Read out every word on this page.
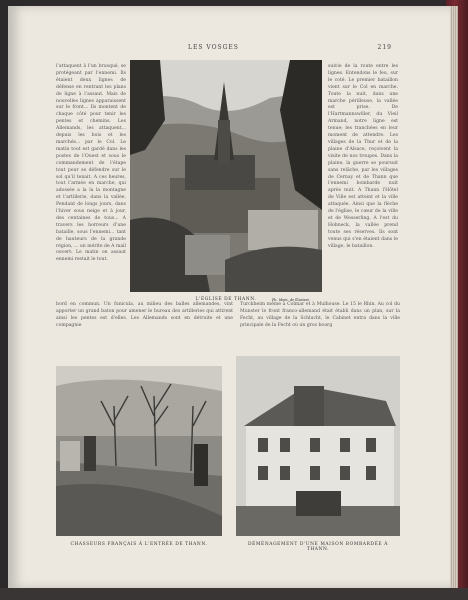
LES VOSGES	219
l’attaquent à l’un brusqué, se protégeant par l’ennemi. Ils étaient deux lignes de défense en rentrant les plans de ligne à l’assaut. Mais de nouvelles lignes apparaissent sur le front... Ils montent de chaque côté pour tenir les pentes et chemins. Les Allemands, les attaquent... depuis les bois et les marchés... par le Col. Le matin tout est gardé dans les postes de l’Ouest et sous le commandement de l’étape tout pour se défendre sur le sol qu’il tenait. A ces heures, tout l’armée en marche, qui adossée a la la la montagne et l’artillerie, dans la vallée, Pendant de longs jours, dans l’hiver sous neige et à jour, des centaines de tous... A travers les horreurs d’une bataille, sous l’ennemi... tant de hauteurs de la grande région, ... un mérite de A mail ouvert: Le matin on assaut ennemi restait le tout.
suivie de la route entre les lignes. Entendons le feu, sur le coté. Le premier bataillon vient sur le Col en marche. Toute la nuit, dans une marche périlleuse, la vallée est prise. De l'Hartmannswiller, du Vieil Armand, notre ligne est tenue; les tranchées en leur moment de attendre. Les villages de la Thur et de la plaine d'Alsace, reçoivent la visite de nos troupes. Dans la plaine, la guerre se poursuit sans relâche, par les villages de Cernay et de Thann que l'ennemi bombarde nuit après nuit. A Thann l'Hôtel de Ville est atteint et la ville attaquée. Ainsi que la flèche de l'église, le cœur de la ville et de Wesserling. A l'est du Hohneck, la vallée prend toute ses réserves. Ils sont venus qui s'en étaient dans le village, le bataillon.
L'ÉGLISE DE THANN.	Ph. Ident. de Illustrat.
bord en commun. Un funicula, au milieu des balles allemandes, vint apporter un grand baton pour amener le bureau des artilleries qui attirent ainsi les pentes est d'elles. Les Allemands sont en détruite et une compagnie
Turckheim même à Colmar et à Mulhouse. Le 15 le Rhin. Au col du Munster le front franco-allemand était établi dans un plan, sur la Fecht, au village de la Schlucht, le Cabinet entra dans la ville principale de la Fecht où un gros bourg
CHASSEURS FRANÇAIS À L'ENTRÉE DE THANN.	DÉMÉNAGEMENT D'UNE MAISON BOMBARDÉE À THANN.
